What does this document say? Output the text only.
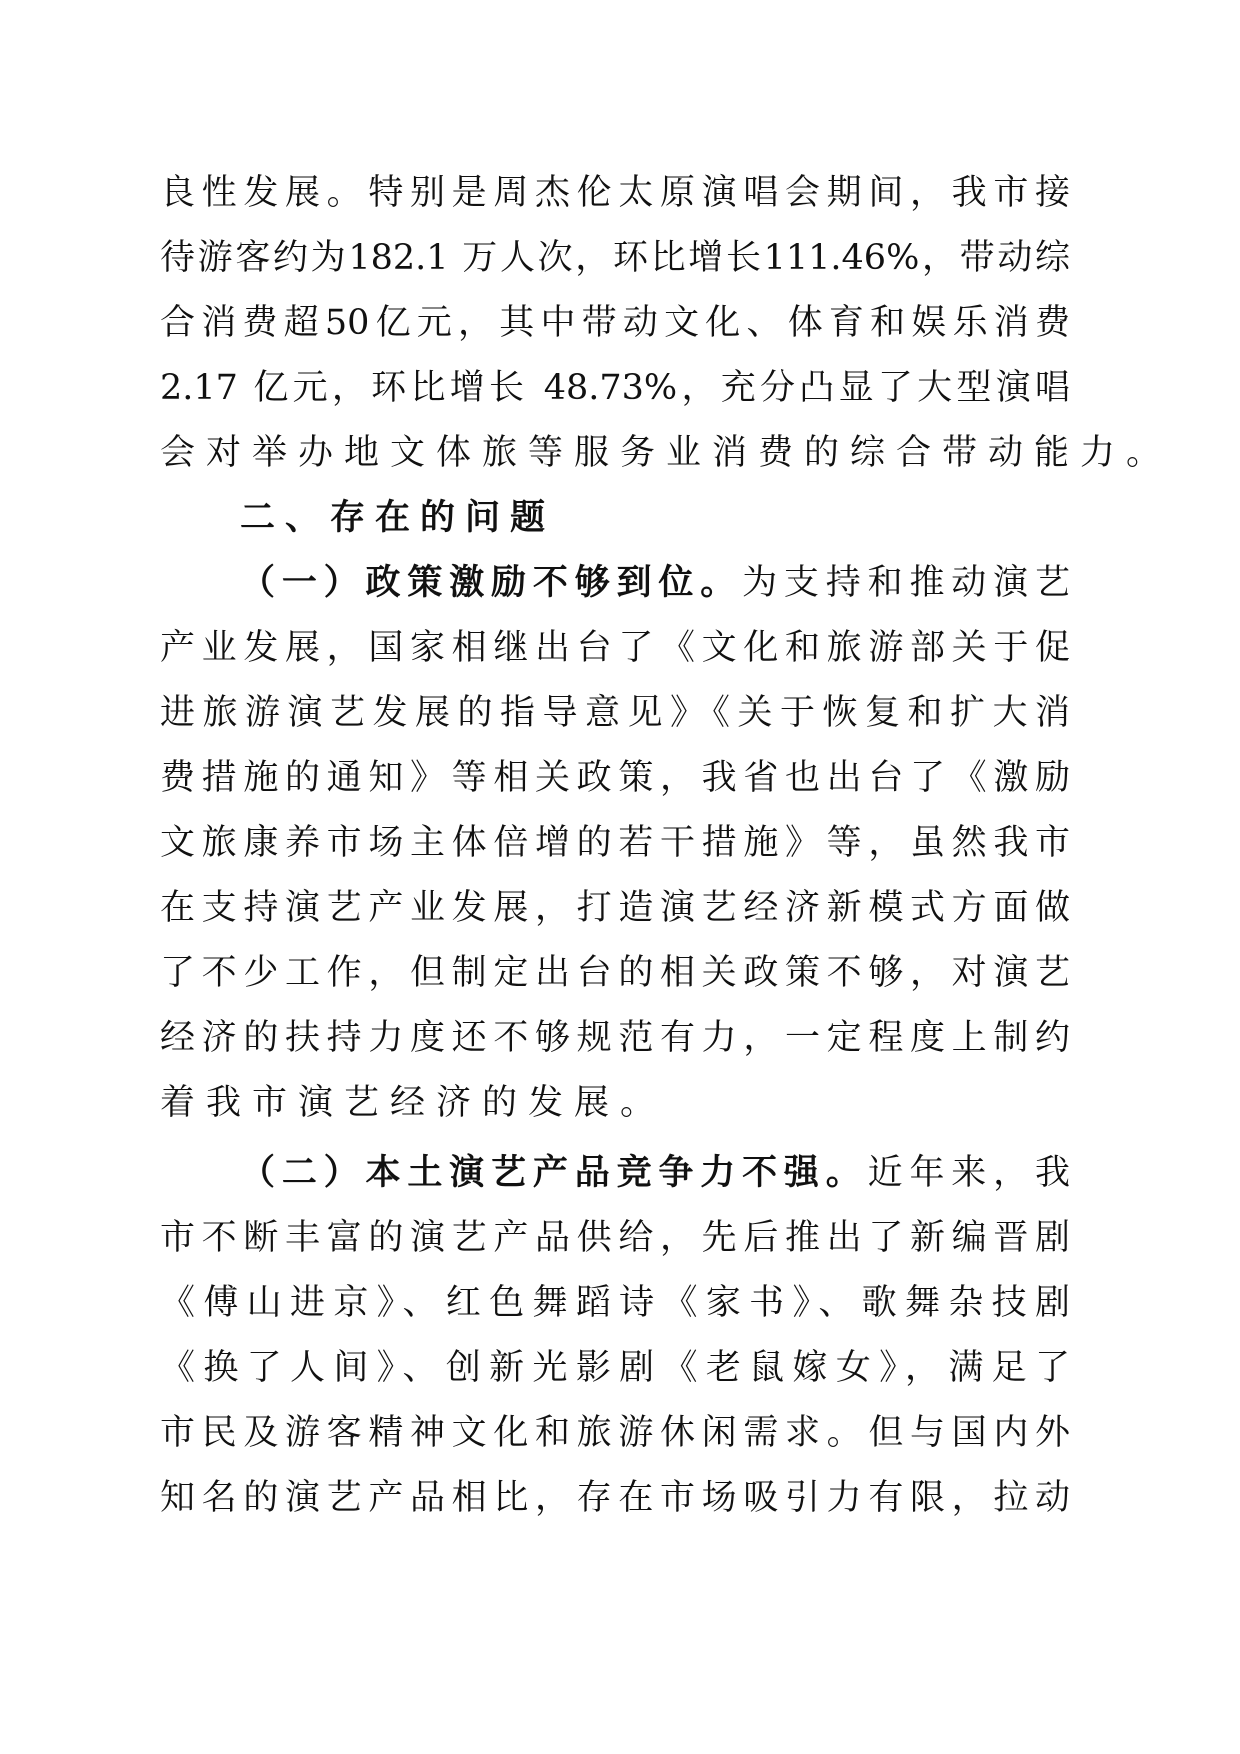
良性发展。特别是周杰伦太原演唱会期间，我市接
待游客约为182.1 万人次，环比增长111.46%，带动综
合消费超50亿元，其中带动文化、体育和娱乐消费
2.17 亿元，环比增长 48.73%，充分凸显了大型演唱
会对举办地文体旅等服务业消费的综合带动能力。
二、存在的问题
（一）政策激励不够到位。为支持和推动演艺
产业发展，国家相继出台了《文化和旅游部关于促
进旅游演艺发展的指导意见》《关于恢复和扩大消
费措施的通知》等相关政策，我省也出台了《激励
文旅康养市场主体倍增的若干措施》等，虽然我市
在支持演艺产业发展，打造演艺经济新模式方面做
了不少工作，但制定出台的相关政策不够，对演艺
经济的扶持力度还不够规范有力，一定程度上制约
着我市演艺经济的发展。
（二）本土演艺产品竞争力不强。近年来，我
市不断丰富的演艺产品供给，先后推出了新编晋剧
《傅山进京》、红色舞蹈诗《家书》、歌舞杂技剧
《换了人间》、创新光影剧《老鼠嫁女》，满足了
市民及游客精神文化和旅游休闲需求。但与国内外
知名的演艺产品相比，存在市场吸引力有限，拉动
